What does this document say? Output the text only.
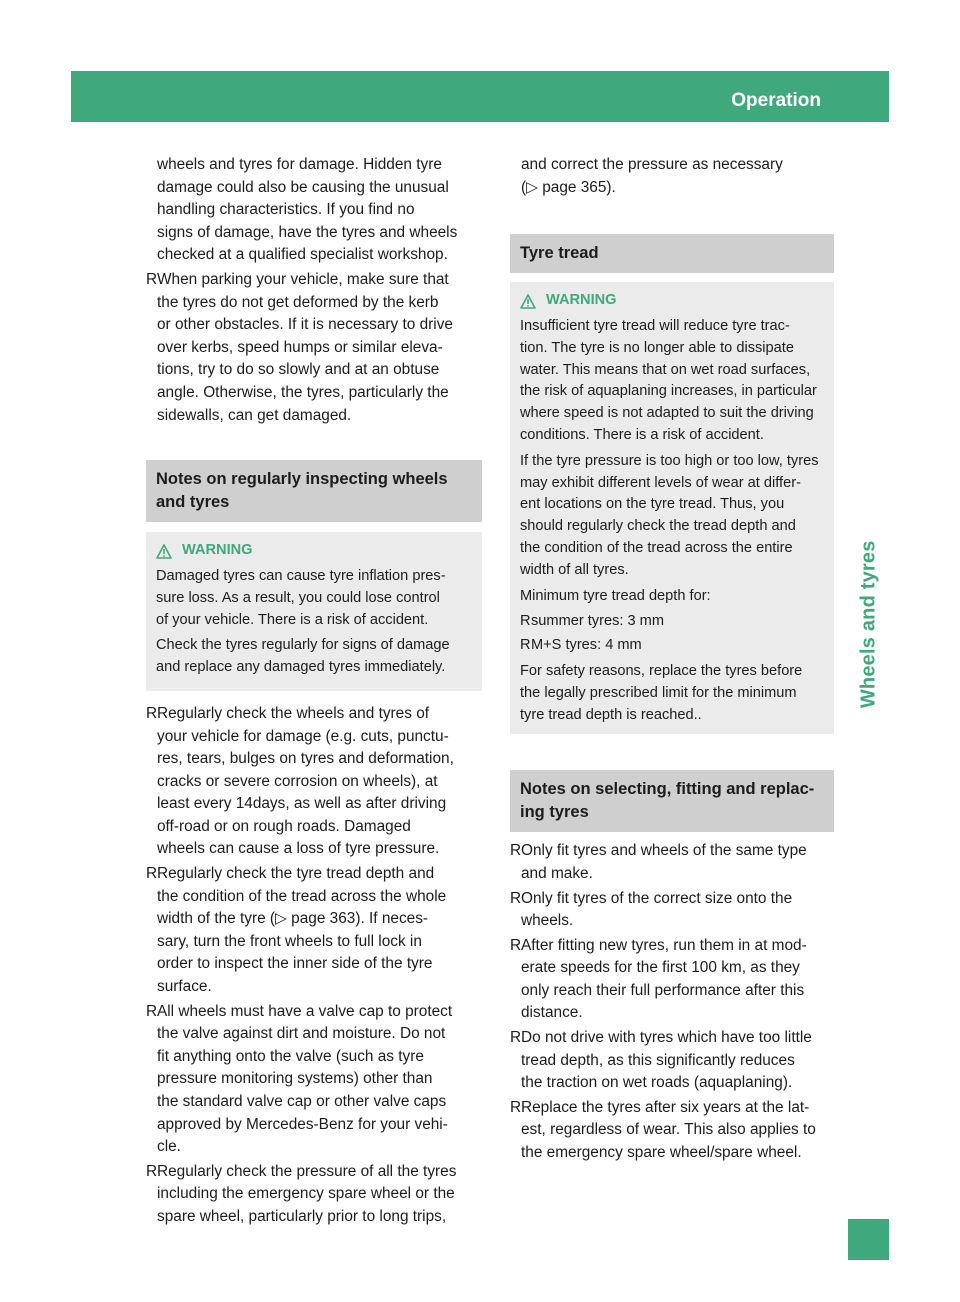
Operation	363
Wheels and tyres
wheels and tyres for damage. Hidden tyre
damage could also be causing the unusual
handling characteristics. If you find no
signs of damage, have the tyres and wheels
checked at a qualified specialist workshop.
R When parking your vehicle, make sure that
the tyres do not get deformed by the kerb
or other obstacles. If it is necessary to drive
over kerbs, speed humps or similar eleva-
tions, try to do so slowly and at an obtuse
angle. Otherwise, the tyres, particularly the
sidewalls, can get damaged.
Notes on regularly inspecting wheels
and tyres
WARNING

Damaged tyres can cause tyre inflation pres-
sure loss. As a result, you could lose control
of your vehicle. There is a risk of accident.

Check the tyres regularly for signs of damage
and replace any damaged tyres immediately.

R Regularly check the wheels and tyres of
your vehicle for damage (e.g. cuts, punctu-
res, tears, bulges on tyres and deformation,
cracks or severe corrosion on wheels), at
least every 14days, as well as after driving
off-road or on rough roads. Damaged
wheels can cause a loss of tyre pressure.
R Regularly check the tyre tread depth and
the condition of the tread across the whole
width of the tyre (▷ page 363). If neces-
sary, turn the front wheels to full lock in
order to inspect the inner side of the tyre
surface.
R All wheels must have a valve cap to protect
the valve against dirt and moisture. Do not
fit anything onto the valve (such as tyre
pressure monitoring systems) other than
the standard valve cap or other valve caps
approved by Mercedes-Benz for your vehi-
cle.
R Regularly check the pressure of all the tyres
including the emergency spare wheel or the
spare wheel, particularly prior to long trips,
and correct the pressure as necessary
(▷ page 365).
Tyre tread
WARNING

Insufficient tyre tread will reduce tyre trac-
tion. The tyre is no longer able to dissipate
water. This means that on wet road surfaces,
the risk of aquaplaning increases, in particular
where speed is not adapted to suit the driving
conditions. There is a risk of accident.

If the tyre pressure is too high or too low, tyres
may exhibit different levels of wear at differ-
ent locations on the tyre tread. Thus, you
should regularly check the tread depth and
the condition of the tread across the entire
width of all tyres.

Minimum tyre tread depth for:

R summer tyres: 3 mm
R M+S tyres: 4 mm

For safety reasons, replace the tyres before
the legally prescribed limit for the minimum
tyre tread depth is reached..

Notes on selecting, fitting and replac-
ing tyres
R Only fit tyres and wheels of the same type
and make.
R Only fit tyres of the correct size onto the
wheels.
R After fitting new tyres, run them in at mod-
erate speeds for the first 100 km, as they
only reach their full performance after this
distance.
R Do not drive with tyres which have too little
tread depth, as this significantly reduces
the traction on wet roads (aquaplaning).
R Replace the tyres after six years at the lat-
est, regardless of wear. This also applies to
the emergency spare wheel/spare wheel.
